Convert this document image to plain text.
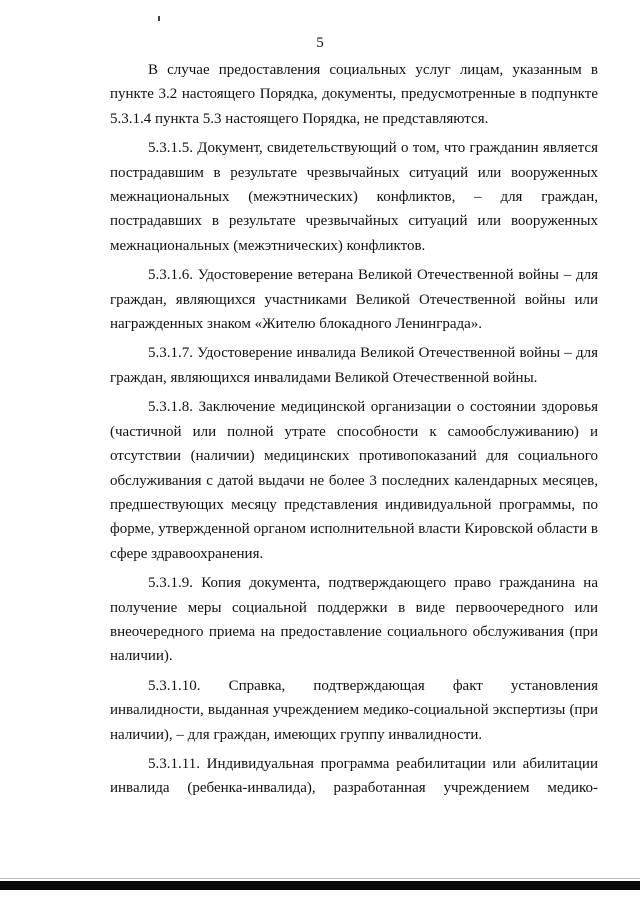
5

В случае предоставления социальных услуг лицам, указанным в пункте 3.2 настоящего Порядка, документы, предусмотренные в подпункте 5.3.1.4 пункта 5.3 настоящего Порядка, не представляются.

5.3.1.5. Документ, свидетельствующий о том, что гражданин является пострадавшим в результате чрезвычайных ситуаций или вооруженных межнациональных (межэтнических) конфликтов, – для граждан, пострадавших в результате чрезвычайных ситуаций или вооруженных межнациональных (межэтнических) конфликтов.

5.3.1.6. Удостоверение ветерана Великой Отечественной войны – для граждан, являющихся участниками Великой Отечественной войны или награжденных знаком «Жителю блокадного Ленинграда».

5.3.1.7. Удостоверение инвалида Великой Отечественной войны – для граждан, являющихся инвалидами Великой Отечественной войны.

5.3.1.8. Заключение медицинской организации о состоянии здоровья (частичной или полной утрате способности к самообслуживанию) и отсутствии (наличии) медицинских противопоказаний для социального обслуживания с датой выдачи не более 3 последних календарных месяцев, предшествующих месяцу представления индивидуальной программы, по форме, утвержденной органом исполнительной власти Кировской области в сфере здравоохранения.

5.3.1.9. Копия документа, подтверждающего право гражданина на получение меры социальной поддержки в виде первоочередного или внеочередного приема на предоставление социального обслуживания (при наличии).

5.3.1.10. Справка, подтверждающая факт установления инвалидности, выданная учреждением медико-социальной экспертизы (при наличии), – для граждан, имеющих группу инвалидности.

5.3.1.11. Индивидуальная программа реабилитации или абилитации инвалида (ребенка-инвалида), разработанная учреждением медико-
